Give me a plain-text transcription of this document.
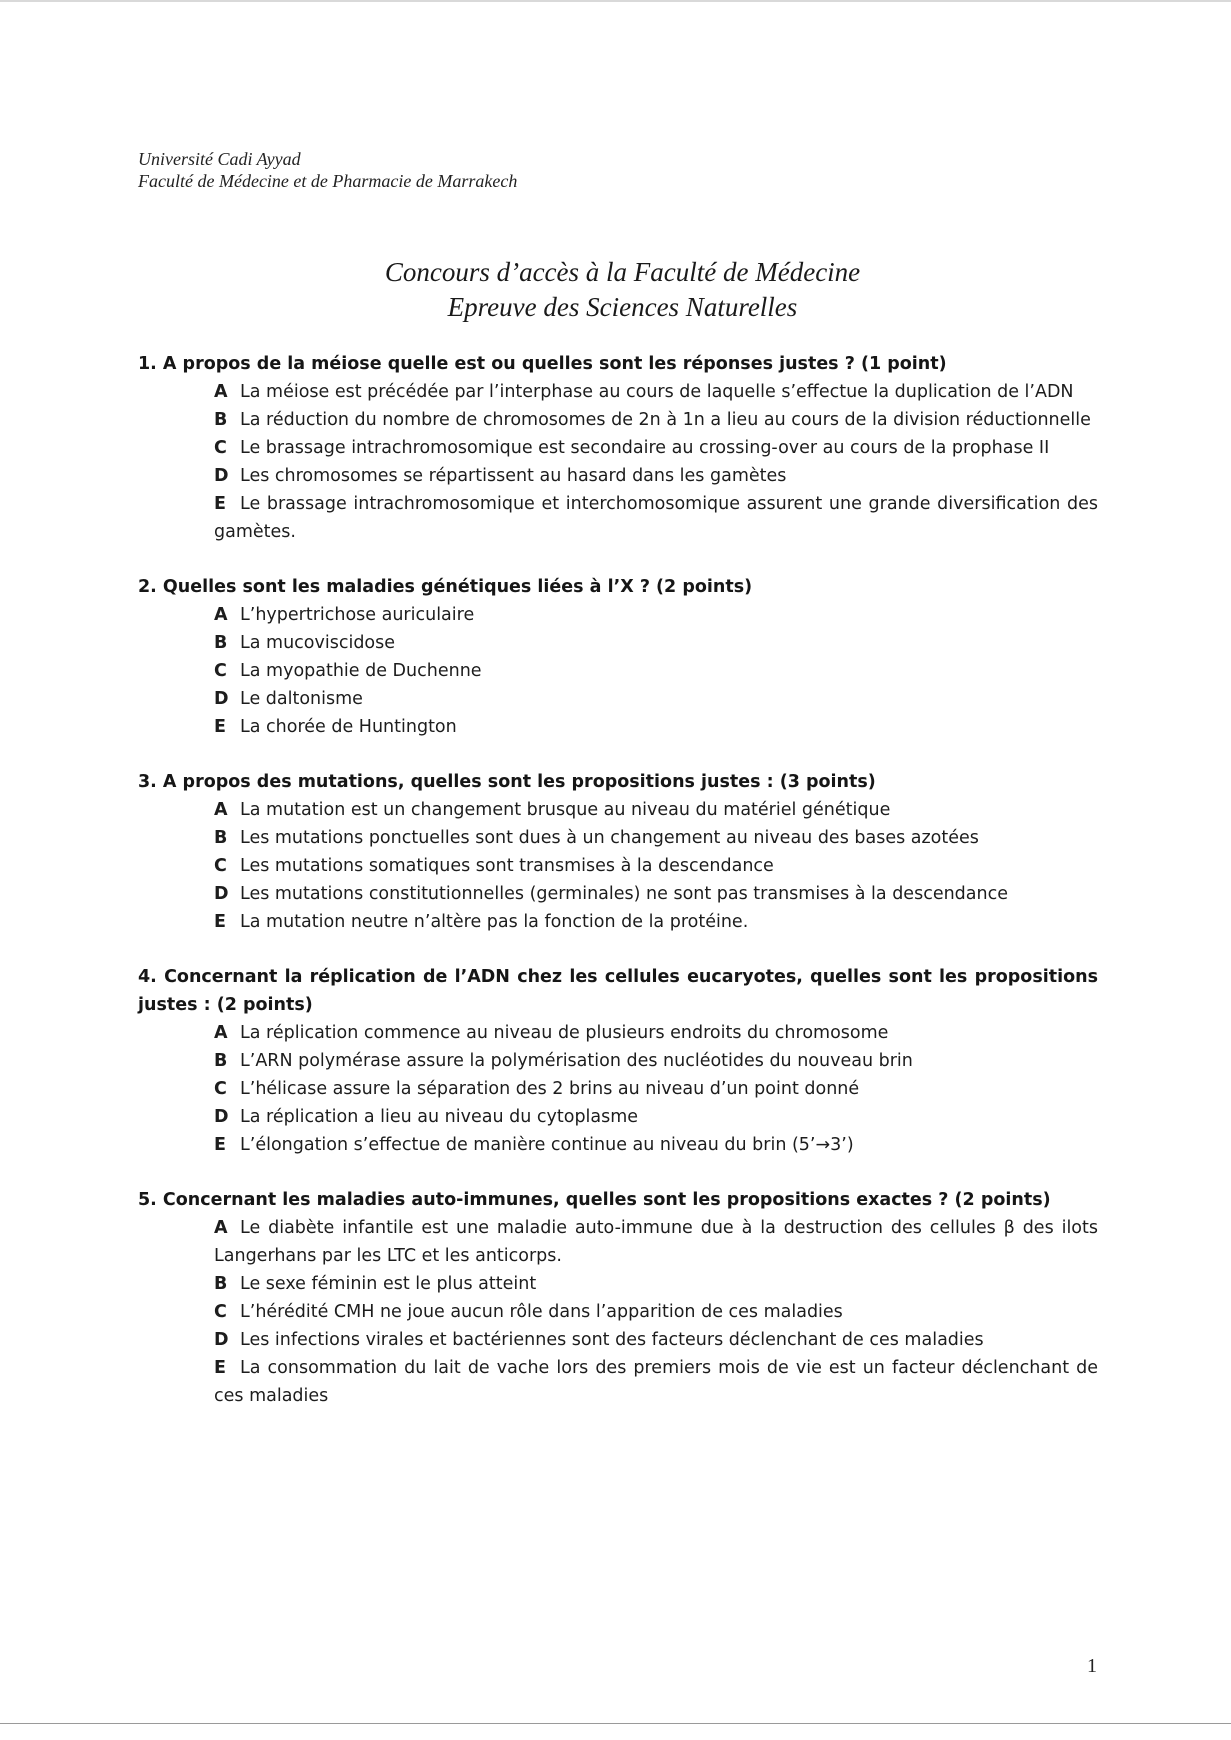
Université Cadi Ayyad
Faculté de Médecine et de Pharmacie de Marrakech
Concours d’accès à la Faculté de Médecine
Epreuve des Sciences Naturelles
1. A propos de la méiose quelle est ou quelles sont les réponses justes ? (1 point)
A La méiose est précédée par l’interphase au cours de laquelle s’effectue la duplication de l’ADN
B La réduction du nombre de chromosomes de 2n à 1n a lieu au cours de la division réductionnelle
C Le brassage intrachromosomique est secondaire au crossing-over au cours de la prophase II
D Les chromosomes se répartissent au hasard dans les gamètes
E Le brassage intrachromosomique et interchomosomique assurent une grande diversification des gamètes.
2. Quelles sont les maladies génétiques liées à l’X ? (2 points)
A L’hypertrichose auriculaire
B La mucoviscidose
C La myopathie de Duchenne
D Le daltonisme
E La chorée de Huntington
3. A propos des mutations, quelles sont les propositions justes : (3 points)
A La mutation est un changement brusque au niveau du matériel génétique
B Les mutations ponctuelles sont dues à un changement au niveau des bases azotées
C Les mutations somatiques sont transmises à la descendance
D Les mutations constitutionnelles (germinales) ne sont pas transmises à la descendance
E La mutation neutre n’altère pas la fonction de la protéine.
4. Concernant la réplication de l’ADN chez les cellules eucaryotes, quelles sont les propositions justes : (2 points)
A La réplication commence au niveau de plusieurs endroits du chromosome
B L’ARN polymérase assure la polymérisation des nucléotides du nouveau brin
C L’hélicase assure la séparation des 2 brins au niveau d’un point donné
D La réplication a lieu au niveau du cytoplasme
E L’élongation s’effectue de manière continue au niveau du brin (5’→3’)
5. Concernant les maladies auto-immunes, quelles sont les propositions exactes ? (2 points)
A Le diabète infantile est une maladie auto-immune due à la destruction des cellules β des ilots Langerhans par les LTC et les anticorps.
B Le sexe féminin est le plus atteint
C L’hérédité CMH ne joue aucun rôle dans l’apparition de ces maladies
D Les infections virales et bactériennes sont des facteurs déclenchant de ces maladies
E La consommation du lait de vache lors des premiers mois de vie est un facteur déclenchant de ces maladies
1
